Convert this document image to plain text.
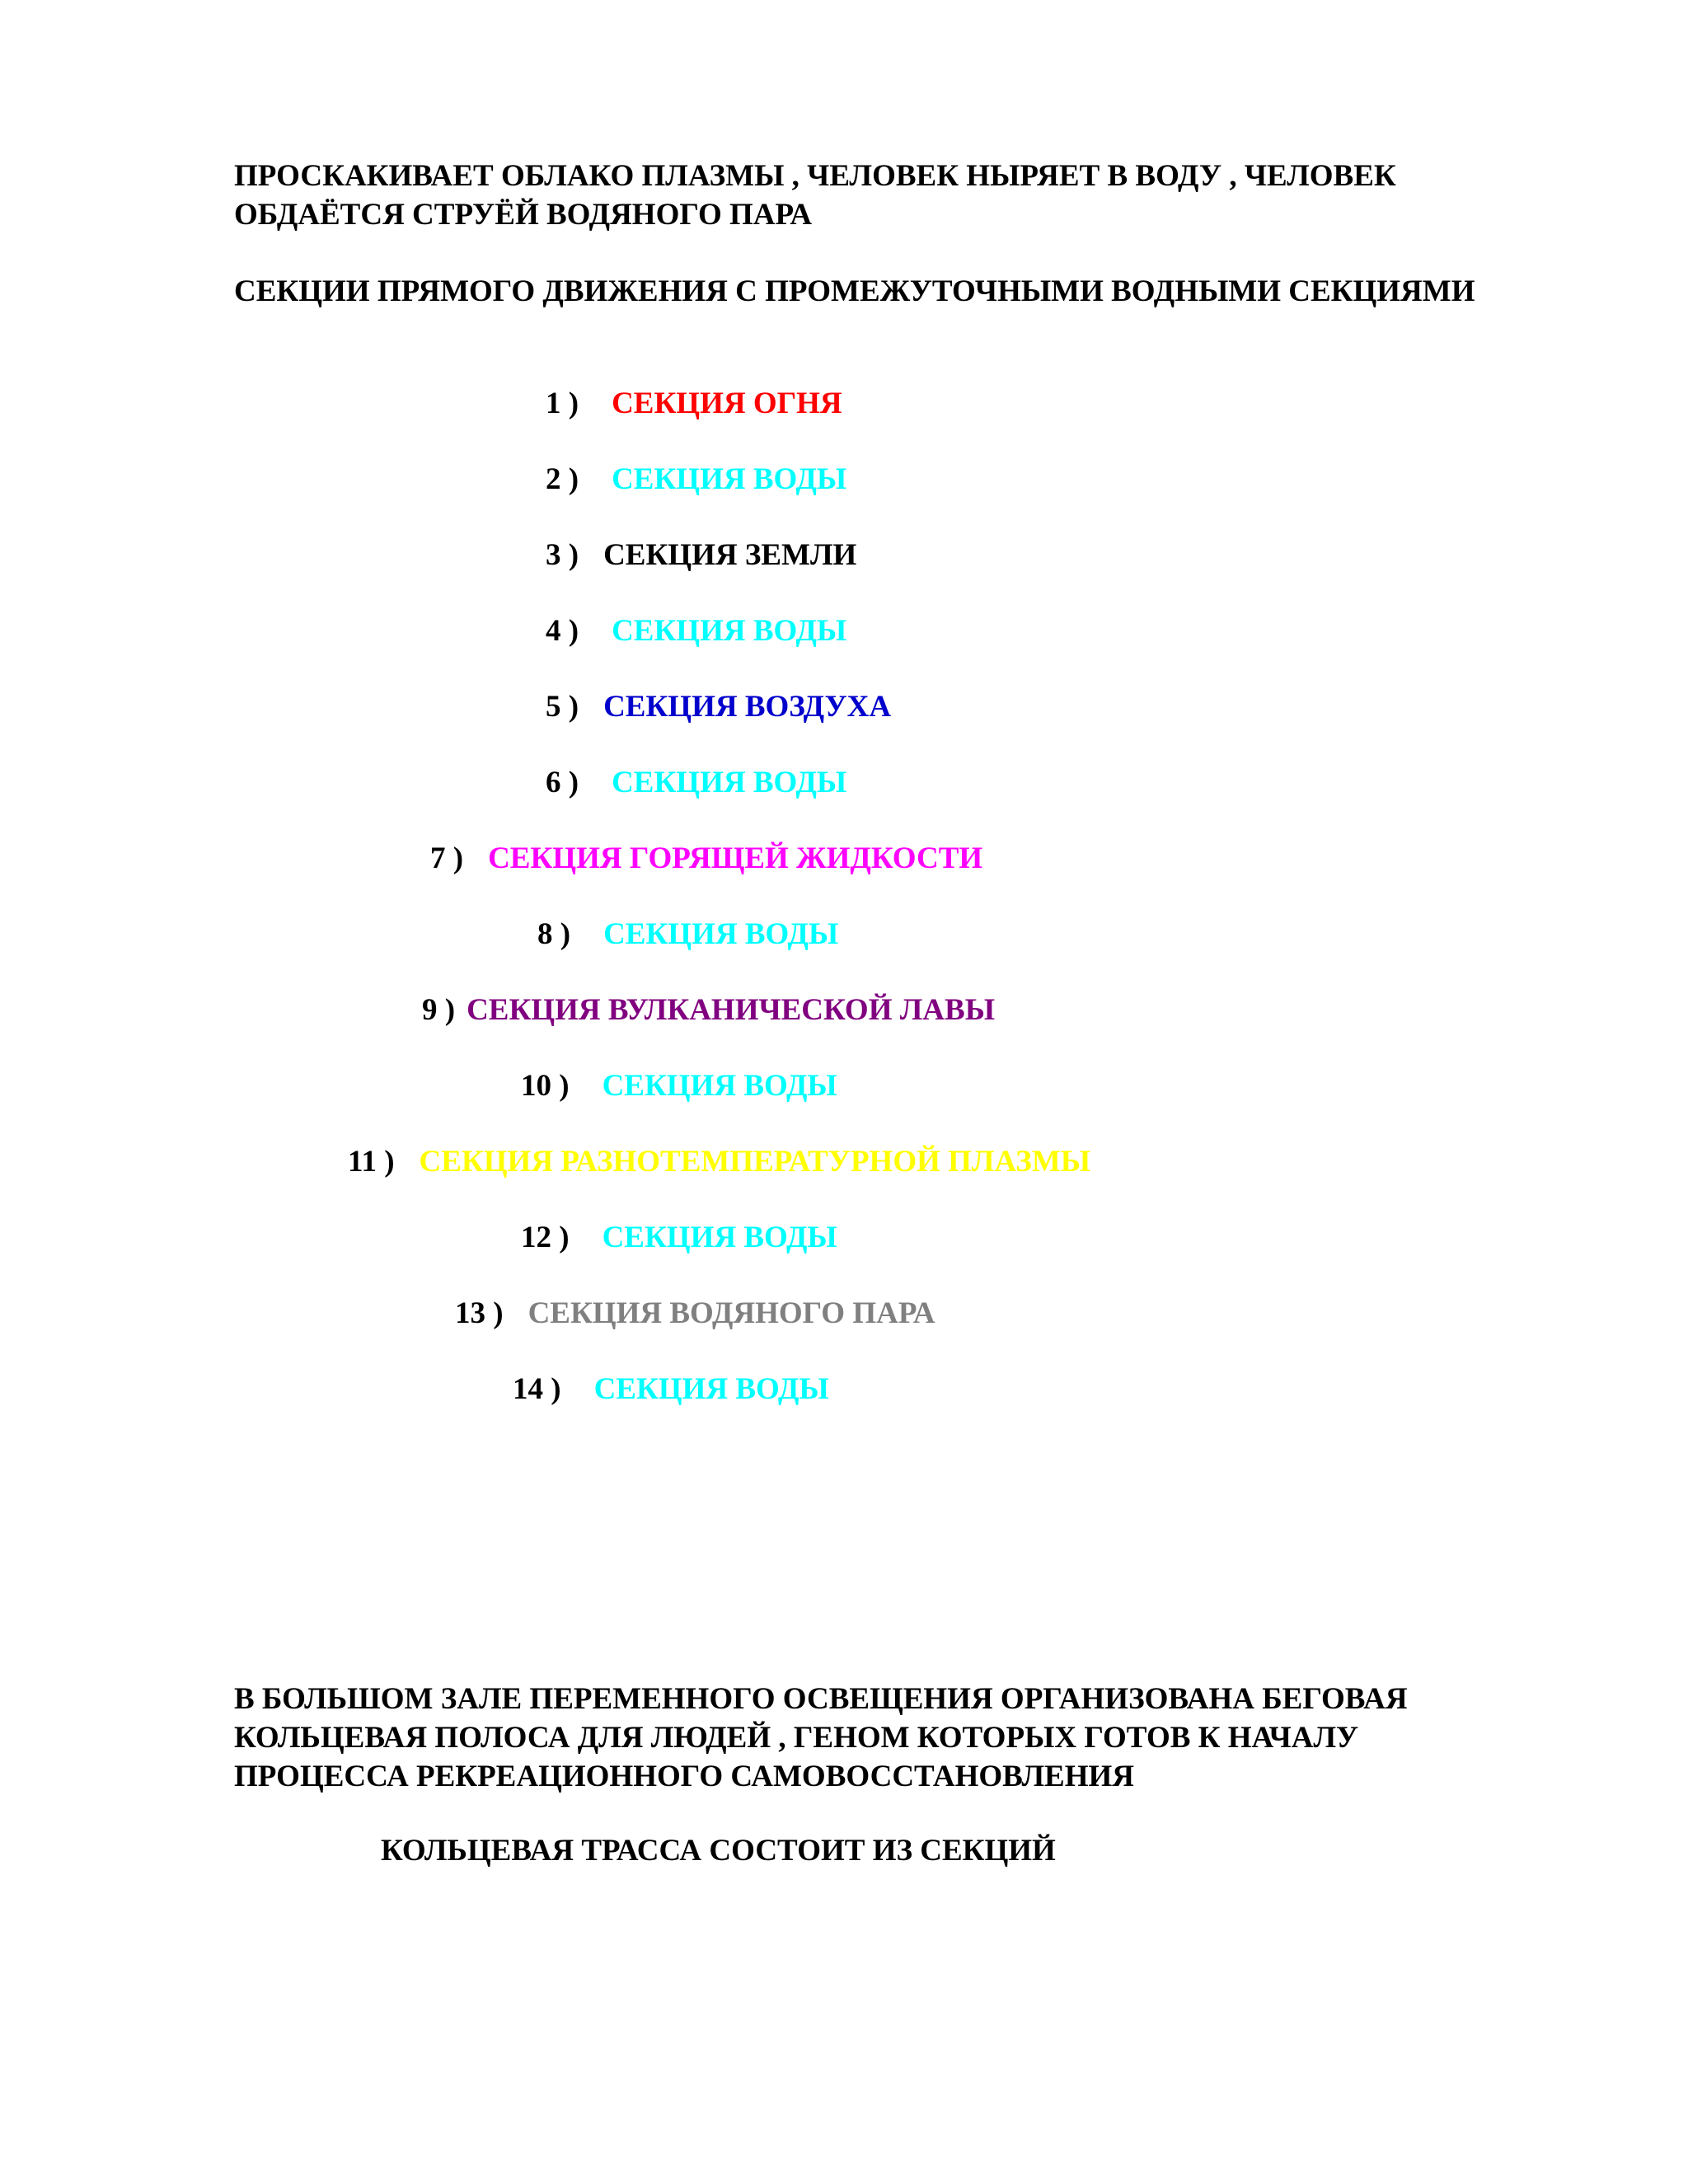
ПРОСКАКИВАЕТ ОБЛАКО ПЛАЗМЫ , ЧЕЛОВЕК НЫРЯЕТ В ВОДУ , ЧЕЛОВЕК ОБДАЁТСЯ СТРУЁЙ ВОДЯНОГО ПАРА

СЕКЦИИ ПРЯМОГО ДВИЖЕНИЯ С ПРОМЕЖУТОЧНЫМИ ВОДНЫМИ СЕКЦИЯМИ

1 ) СЕКЦИЯ ОГНЯ
2 ) СЕКЦИЯ ВОДЫ
3 ) СЕКЦИЯ ЗЕМЛИ
4 ) СЕКЦИЯ ВОДЫ
5 ) СЕКЦИЯ ВОЗДУХА
6 ) СЕКЦИЯ ВОДЫ
7 ) СЕКЦИЯ ГОРЯЩЕЙ ЖИДКОСТИ
8 ) СЕКЦИЯ ВОДЫ
9 ) СЕКЦИЯ ВУЛКАНИЧЕСКОЙ ЛАВЫ
10 ) СЕКЦИЯ ВОДЫ
11 ) СЕКЦИЯ РАЗНОТЕМПЕРАТУРНОЙ ПЛАЗМЫ
12 ) СЕКЦИЯ ВОДЫ
13 ) СЕКЦИЯ ВОДЯНОГО ПАРА
14 ) СЕКЦИЯ ВОДЫ

В БОЛЬШОМ ЗАЛЕ ПЕРЕМЕННОГО ОСВЕЩЕНИЯ ОРГАНИЗОВАНА БЕГОВАЯ КОЛЬЦЕВАЯ ПОЛОСА ДЛЯ ЛЮДЕЙ , ГЕНОМ КОТОРЫХ ГОТОВ К НАЧАЛУ ПРОЦЕССА РЕКРЕАЦИОННОГО САМОВОССТАНОВЛЕНИЯ

КОЛЬЦЕВАЯ ТРАССА СОСТОИТ ИЗ СЕКЦИЙ
